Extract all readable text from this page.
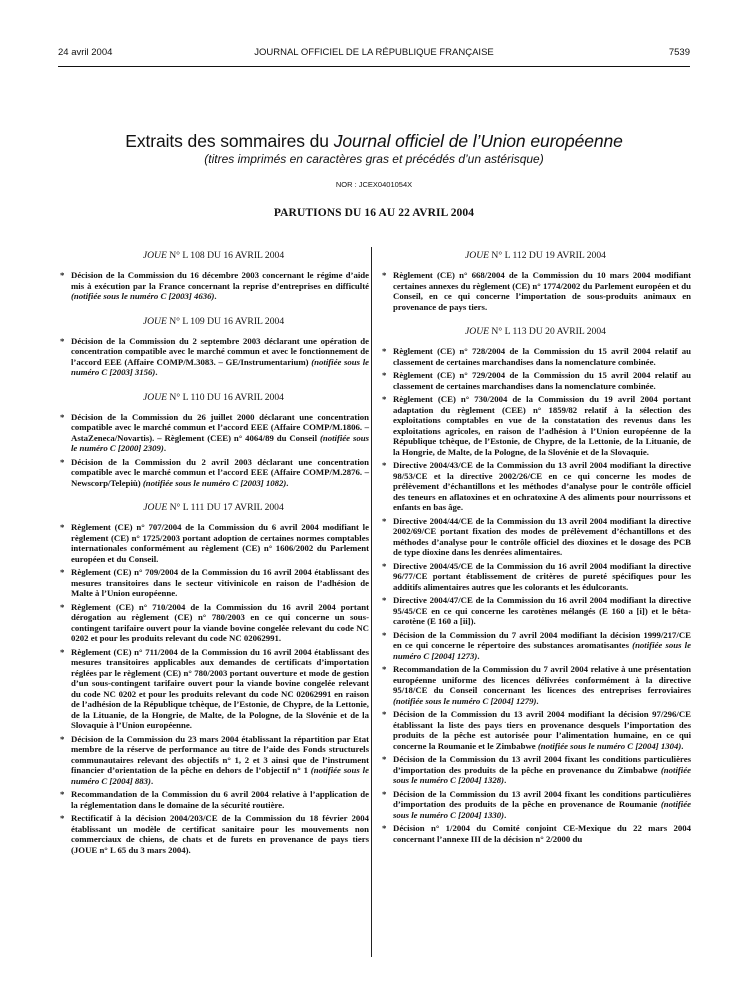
24 avril 2004	JOURNAL OFFICIEL DE LA RÉPUBLIQUE FRANÇAISE	7539
Extraits des sommaires du Journal officiel de l’Union européenne
(titres imprimés en caractères gras et précédés d’un astérisque)
NOR : JCEX0401054X
PARUTIONS DU 16 AU 22 AVRIL 2004
JOUE N° L 108 DU 16 AVRIL 2004
* Décision de la Commission du 16 décembre 2003 concernant le régime d’aide mis à exécution par la France concernant la reprise d’entreprises en difficulté (notifiée sous le numéro C [2003] 4636).
JOUE N° L 109 DU 16 AVRIL 2004
* Décision de la Commission du 2 septembre 2003 déclarant une opération de concentration compatible avec le marché commun et avec le fonctionnement de l’accord EEE (Affaire COMP/M.3083. – GE/Instrumentarium) (notifiée sous le numéro C [2003] 3156).
JOUE N° L 110 DU 16 AVRIL 2004
* Décision de la Commission du 26 juillet 2000 déclarant une concentration compatible avec le marché commun et l’accord EEE (Affaire COMP/M.1806. – AstaZeneca/Novartis). – Règlement (CEE) n° 4064/89 du Conseil (notifiée sous le numéro C [2000] 2309).
* Décision de la Commission du 2 avril 2003 déclarant une concentration compatible avec le marché commun et l’accord EEE (Affaire COMP/M.2876. – Newscorp/Telepiù) (notifiée sous le numéro C [2003] 1082).
JOUE N° L 111 DU 17 AVRIL 2004
* Règlement (CE) n° 707/2004 de la Commission du 6 avril 2004 modifiant le règlement (CE) n° 1725/2003 portant adoption de certaines normes comptables internationales conformément au règlement (CE) n° 1606/2002 du Parlement européen et du Conseil.
* Règlement (CE) n° 709/2004 de la Commission du 16 avril 2004 établissant des mesures transitoires dans le secteur vitivinicole en raison de l’adhésion de Malte à l’Union européenne.
* Règlement (CE) n° 710/2004 de la Commission du 16 avril 2004 portant dérogation au règlement (CE) n° 780/2003 en ce qui concerne un sous-contingent tarifaire ouvert pour la viande bovine congelée relevant du code NC 0202 et pour les produits relevant du code NC 02062991.
* Règlement (CE) n° 711/2004 de la Commission du 16 avril 2004 établissant des mesures transitoires applicables aux demandes de certificats d’importation réglées par le règlement (CE) n° 780/2003 portant ouverture et mode de gestion d’un sous-contingent tarifaire ouvert pour la viande bovine congelée relevant du code NC 0202 et pour les produits relevant du code NC 02062991 en raison de l’adhésion de la République tchèque, de l’Estonie, de Chypre, de la Lettonie, de la Lituanie, de la Hongrie, de Malte, de la Pologne, de la Slovénie et de la Slovaquie à l’Union européenne.
* Décision de la Commission du 23 mars 2004 établissant la répartition par Etat membre de la réserve de performance au titre de l’aide des Fonds structurels communautaires relevant des objectifs n° 1, 2 et 3 ainsi que de l’instrument financier d’orientation de la pêche en dehors de l’objectif n° 1 (notifiée sous le numéro C [2004] 883).
* Recommandation de la Commission du 6 avril 2004 relative à l’application de la réglementation dans le domaine de la sécurité routière.
* Rectificatif à la décision 2004/203/CE de la Commission du 18 février 2004 établissant un modèle de certificat sanitaire pour les mouvements non commerciaux de chiens, de chats et de furets en provenance de pays tiers (JOUE n° L 65 du 3 mars 2004).
JOUE N° L 112 DU 19 AVRIL 2004
* Règlement (CE) n° 668/2004 de la Commission du 10 mars 2004 modifiant certaines annexes du règlement (CE) n° 1774/2002 du Parlement européen et du Conseil, en ce qui concerne l’importation de sous-produits animaux en provenance de pays tiers.
JOUE N° L 113 DU 20 AVRIL 2004
* Règlement (CE) n° 728/2004 de la Commission du 15 avril 2004 relatif au classement de certaines marchandises dans la nomenclature combinée.
* Règlement (CE) n° 729/2004 de la Commission du 15 avril 2004 relatif au classement de certaines marchandises dans la nomenclature combinée.
* Règlement (CE) n° 730/2004 de la Commission du 19 avril 2004 portant adaptation du règlement (CEE) n° 1859/82 relatif à la sélection des exploitations comptables en vue de la constatation des revenus dans les exploitations agricoles, en raison de l’adhésion à l’Union européenne de la République tchèque, de l’Estonie, de Chypre, de la Lettonie, de la Lituanie, de la Hongrie, de Malte, de la Pologne, de la Slovénie et de la Slovaquie.
* Directive 2004/43/CE de la Commission du 13 avril 2004 modifiant la directive 98/53/CE et la directive 2002/26/CE en ce qui concerne les modes de prélèvement d’échantillons et les méthodes d’analyse pour le contrôle officiel des teneurs en aflatoxines et en ochratoxine A des aliments pour nourrissons et enfants en bas âge.
* Directive 2004/44/CE de la Commission du 13 avril 2004 modifiant la directive 2002/69/CE portant fixation des modes de prélèvement d’échantillons et des méthodes d’analyse pour le contrôle officiel des dioxines et le dosage des PCB de type dioxine dans les denrées alimentaires.
* Directive 2004/45/CE de la Commission du 16 avril 2004 modifiant la directive 96/77/CE portant établissement de critères de pureté spécifiques pour les additifs alimentaires autres que les colorants et les édulcorants.
* Directive 2004/47/CE de la Commission du 16 avril 2004 modifiant la directive 95/45/CE en ce qui concerne les carotènes mélangés (E 160 a [i]) et le bêta-carotène (E 160 a [ii]).
* Décision de la Commission du 7 avril 2004 modifiant la décision 1999/217/CE en ce qui concerne le répertoire des substances aromatisantes (notifiée sous le numéro C [2004] 1273).
* Recommandation de la Commission du 7 avril 2004 relative à une présentation européenne uniforme des licences délivrées conformément à la directive 95/18/CE du Conseil concernant les licences des entreprises ferroviaires (notifiée sous le numéro C [2004] 1279).
* Décision de la Commission du 13 avril 2004 modifiant la décision 97/296/CE établissant la liste des pays tiers en provenance desquels l’importation des produits de la pêche est autorisée pour l’alimentation humaine, en ce qui concerne la Roumanie et le Zimbabwe (notifiée sous le numéro C [2004] 1304).
* Décision de la Commission du 13 avril 2004 fixant les conditions particulières d’importation des produits de la pêche en provenance du Zimbabwe (notifiée sous le numéro C [2004] 1328).
* Décision de la Commission du 13 avril 2004 fixant les conditions particulières d’importation des produits de la pêche en provenance de Roumanie (notifiée sous le numéro C [2004] 1330).
* Décision n° 1/2004 du Comité conjoint CE-Mexique du 22 mars 2004 concernant l’annexe III de la décision n° 2/2000 du
